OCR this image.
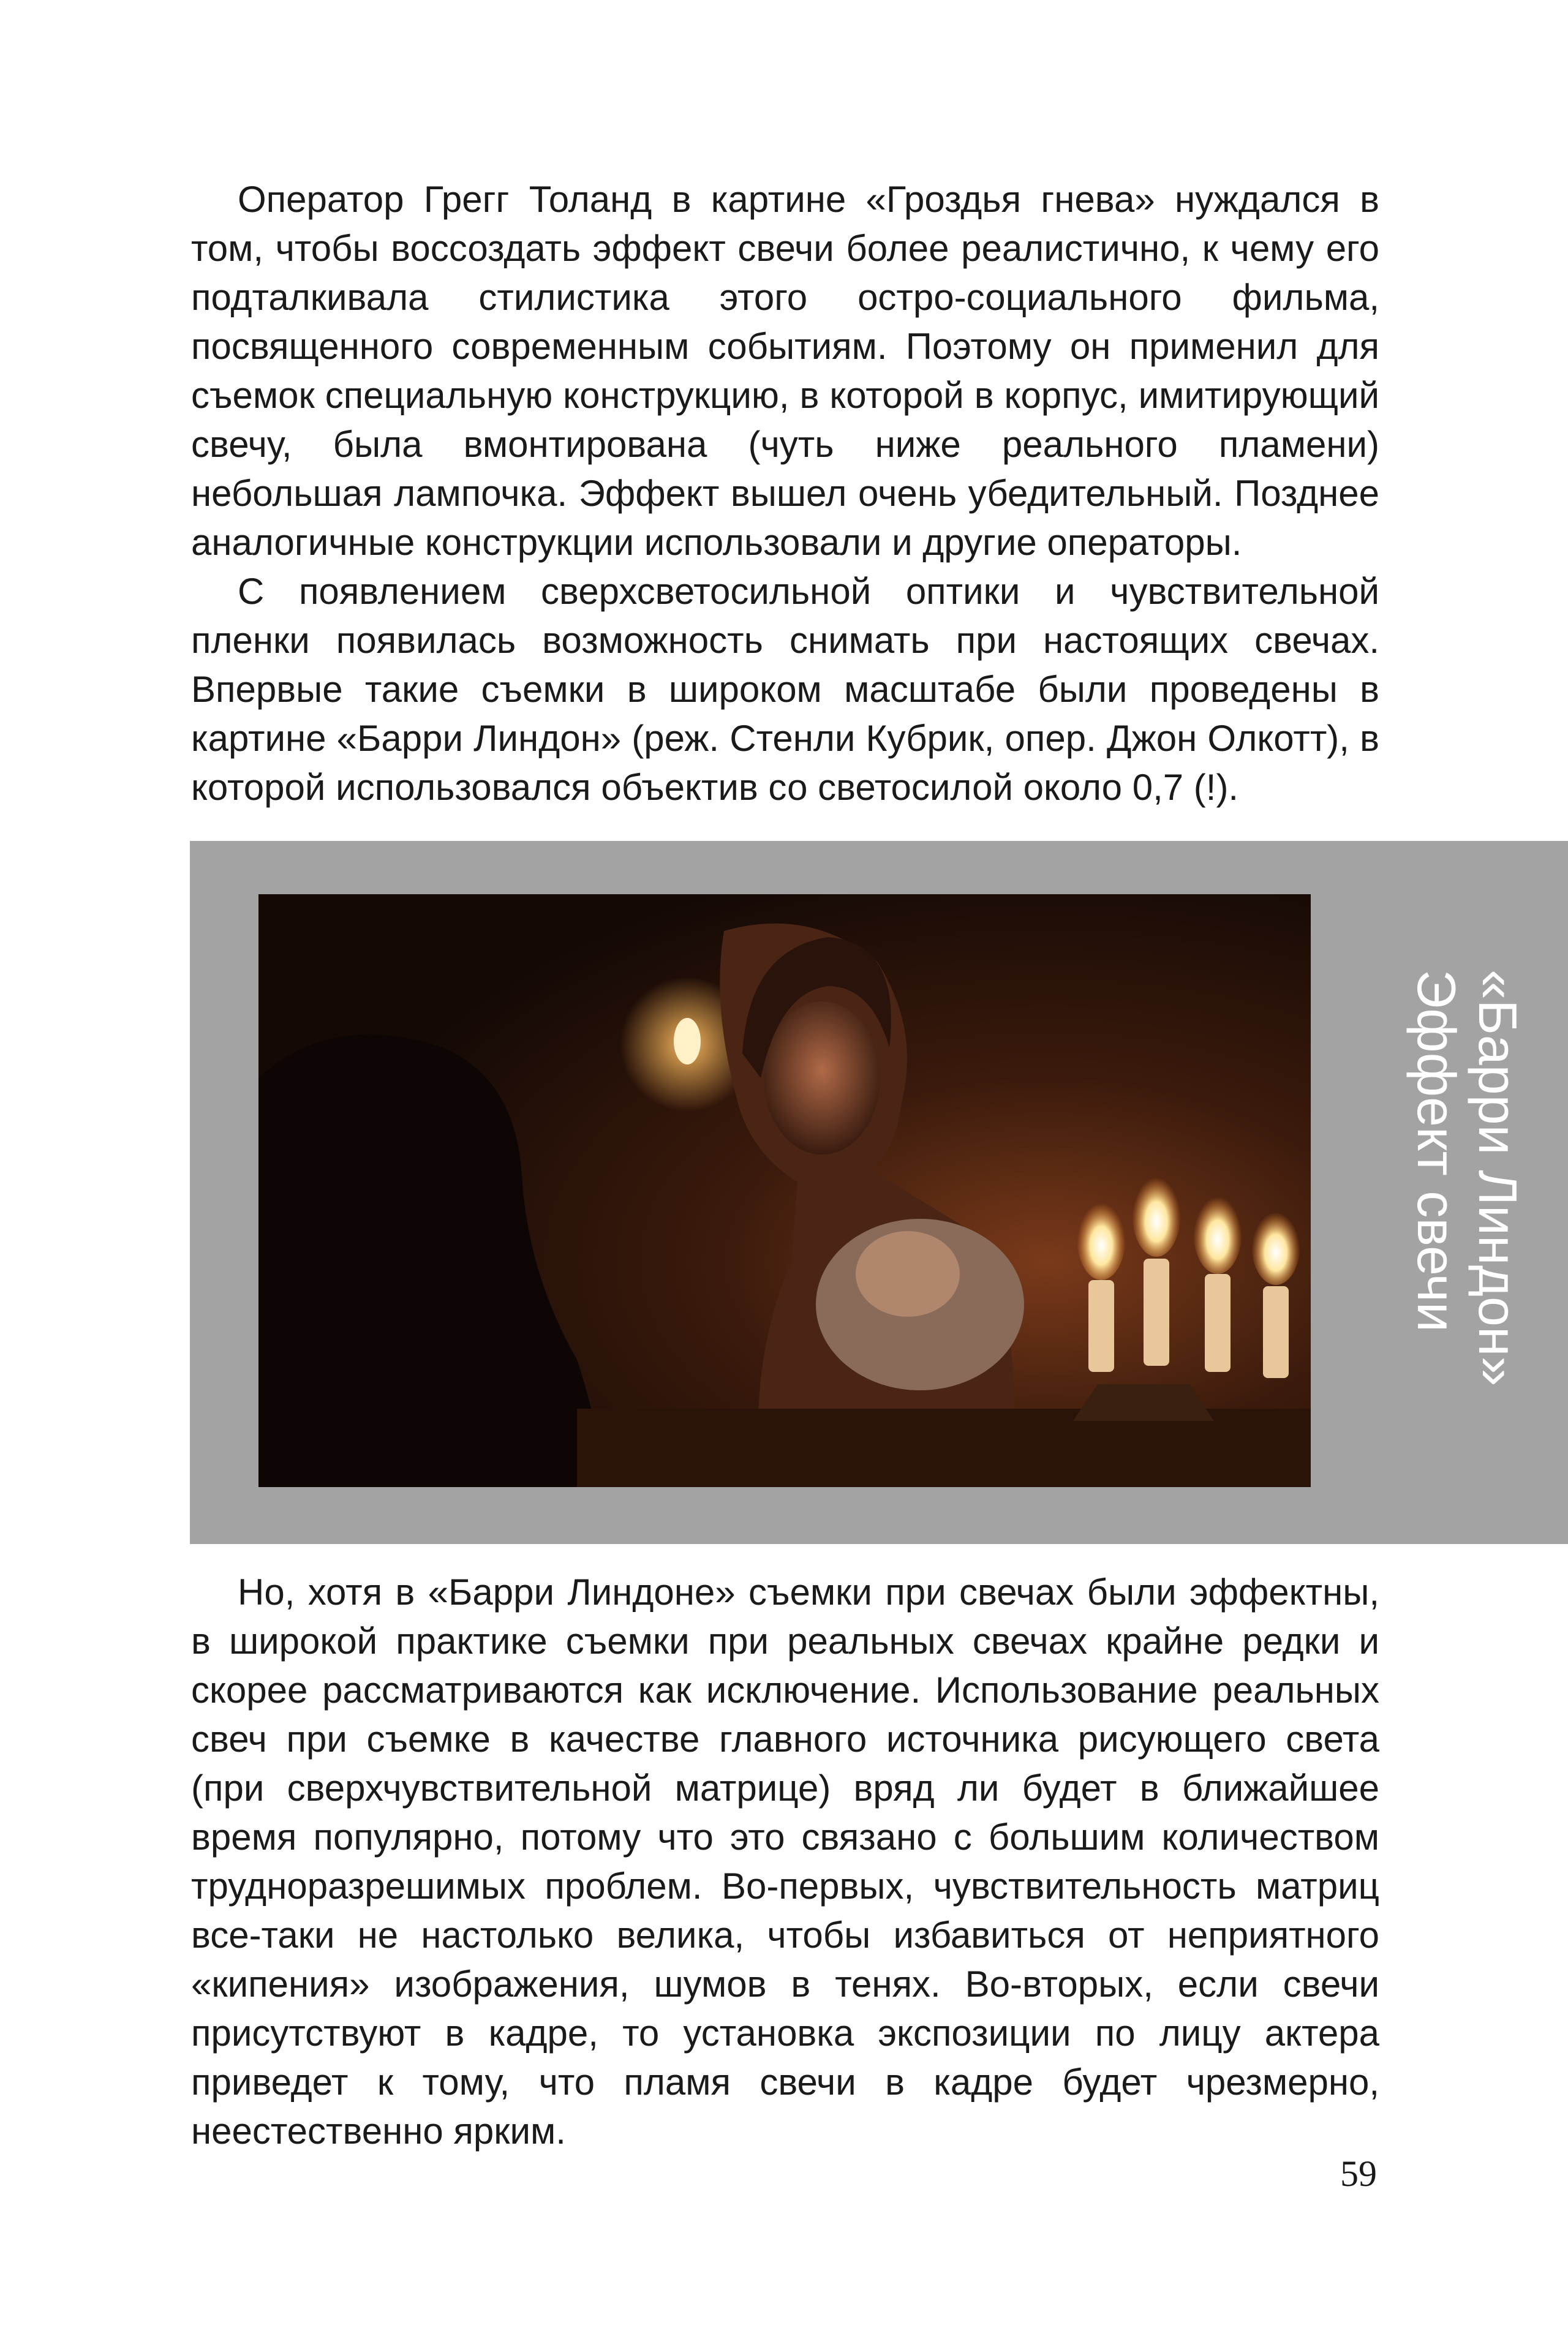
Оператор Грегг Толанд в картине «Гроздья гнева» нуждался в том, чтобы воссоздать эффект свечи более реалистично, к чему его подталкивала стилистика этого остро-социального фильма, посвященного современным событиям. Поэтому он применил для съемок специальную конструкцию, в которой в корпус, имитирующий свечу, была вмонтирована (чуть ниже реального пламени) небольшая лампочка. Эффект вышел очень убедительный. Позднее аналогичные конструкции использовали и другие операторы.

С появлением сверхсветосильной оптики и чувствительной пленки появилась возможность снимать при настоящих свечах. Впервые такие съемки в широком масштабе были проведены в картине «Барри Линдон» (реж. Стенли Кубрик, опер. Джон Олкотт), в которой использовался объектив со светосилой около 0,7 (!).

«Барри Линдон»
Эффект свечи

Но, хотя в «Барри Линдоне» съемки при свечах были эффектны, в широкой практике съемки при реальных свечах крайне редки и скорее рассматриваются как исключение. Использование реальных свеч при съемке в качестве главного источника рисующего света (при сверхчувствительной матрице) вряд ли будет в ближайшее время популярно, потому что это связано с большим количеством трудноразрешимых проблем. Во-первых, чувствительность матриц все-таки не настолько велика, чтобы избавиться от неприятного «кипения» изображения, шумов в тенях. Во-вторых, если свечи присутствуют в кадре, то установка экспозиции по лицу актера приведет к тому, что пламя свечи в кадре будет чрезмерно, неестественно ярким.

59
